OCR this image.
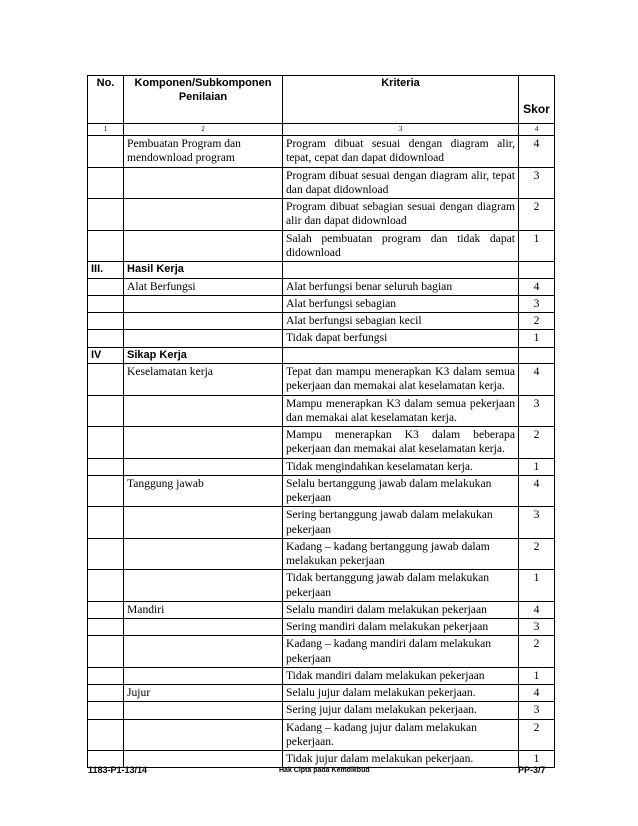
No.	Komponen/Subkomponen Penilaian	Kriteria	Skor
1	2	3	4
	Pembuatan Program dan mendownload program	Program dibuat sesuai dengan diagram alir, tepat, cepat dan dapat didownload	4
		Program dibuat sesuai dengan diagram alir, tepat dan dapat didownload	3
		Program dibuat sebagian sesuai dengan diagram alir dan dapat didownload	2
		Salah pembuatan program dan tidak dapat didownload	1
III.	Hasil Kerja		
	Alat Berfungsi	Alat berfungsi benar seluruh bagian	4
		Alat berfungsi sebagian	3
		Alat berfungsi sebagian kecil	2
		Tidak dapat berfungsi	1
IV	Sikap Kerja		
	Keselamatan kerja	Tepat dan mampu menerapkan K3 dalam semua pekerjaan dan memakai alat keselamatan kerja.	4
		Mampu menerapkan K3 dalam semua pekerjaan dan memakai alat keselamatan kerja.	3
		Mampu menerapkan K3 dalam beberapa pekerjaan dan memakai alat keselamatan kerja.	2
		Tidak mengindahkan keselamatan kerja.	1
	Tanggung jawab	Selalu bertanggung jawab dalam melakukan pekerjaan	4
		Sering bertanggung jawab dalam melakukan pekerjaan	3
		Kadang – kadang bertanggung jawab dalam melakukan pekerjaan	2
		Tidak bertanggung jawab dalam melakukan pekerjaan	1
	Mandiri	Selalu mandiri dalam melakukan pekerjaan	4
		Sering mandiri dalam melakukan pekerjaan	3
		Kadang – kadang mandiri dalam melakukan pekerjaan	2
		Tidak mandiri dalam melakukan pekerjaan	1
	Jujur	Selalu jujur dalam melakukan pekerjaan.	4
		Sering jujur dalam melakukan pekerjaan.	3
		Kadang – kadang jujur dalam melakukan pekerjaan.	2
		Tidak jujur dalam melakukan pekerjaan.	1
1183-P1-13/14	Hak Cipta pada Kemdikbud	PP-3/7
